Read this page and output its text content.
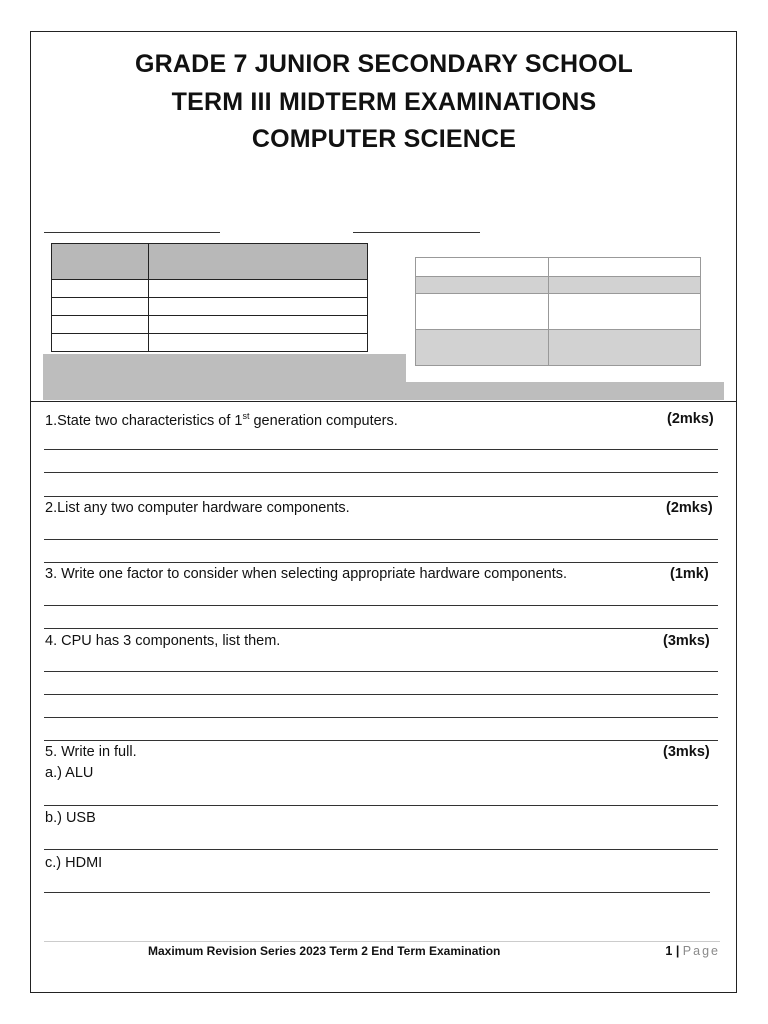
GRADE 7 JUNIOR SECONDARY SCHOOL
TERM III MIDTERM EXAMINATIONS
COMPUTER SCIENCE

1.State two characteristics of 1st generation computers.	(2mks)
2.List any two computer hardware components.	(2mks)
3. Write one factor to consider when selecting appropriate hardware components.	(1mk)
4. CPU has 3 components, list them.	(3mks)
5. Write in full.	(3mks)
a.) ALU
b.) USB
c.) HDMI
Maximum Revision Series 2023 Term 2 End Term Examination	1 | Page
